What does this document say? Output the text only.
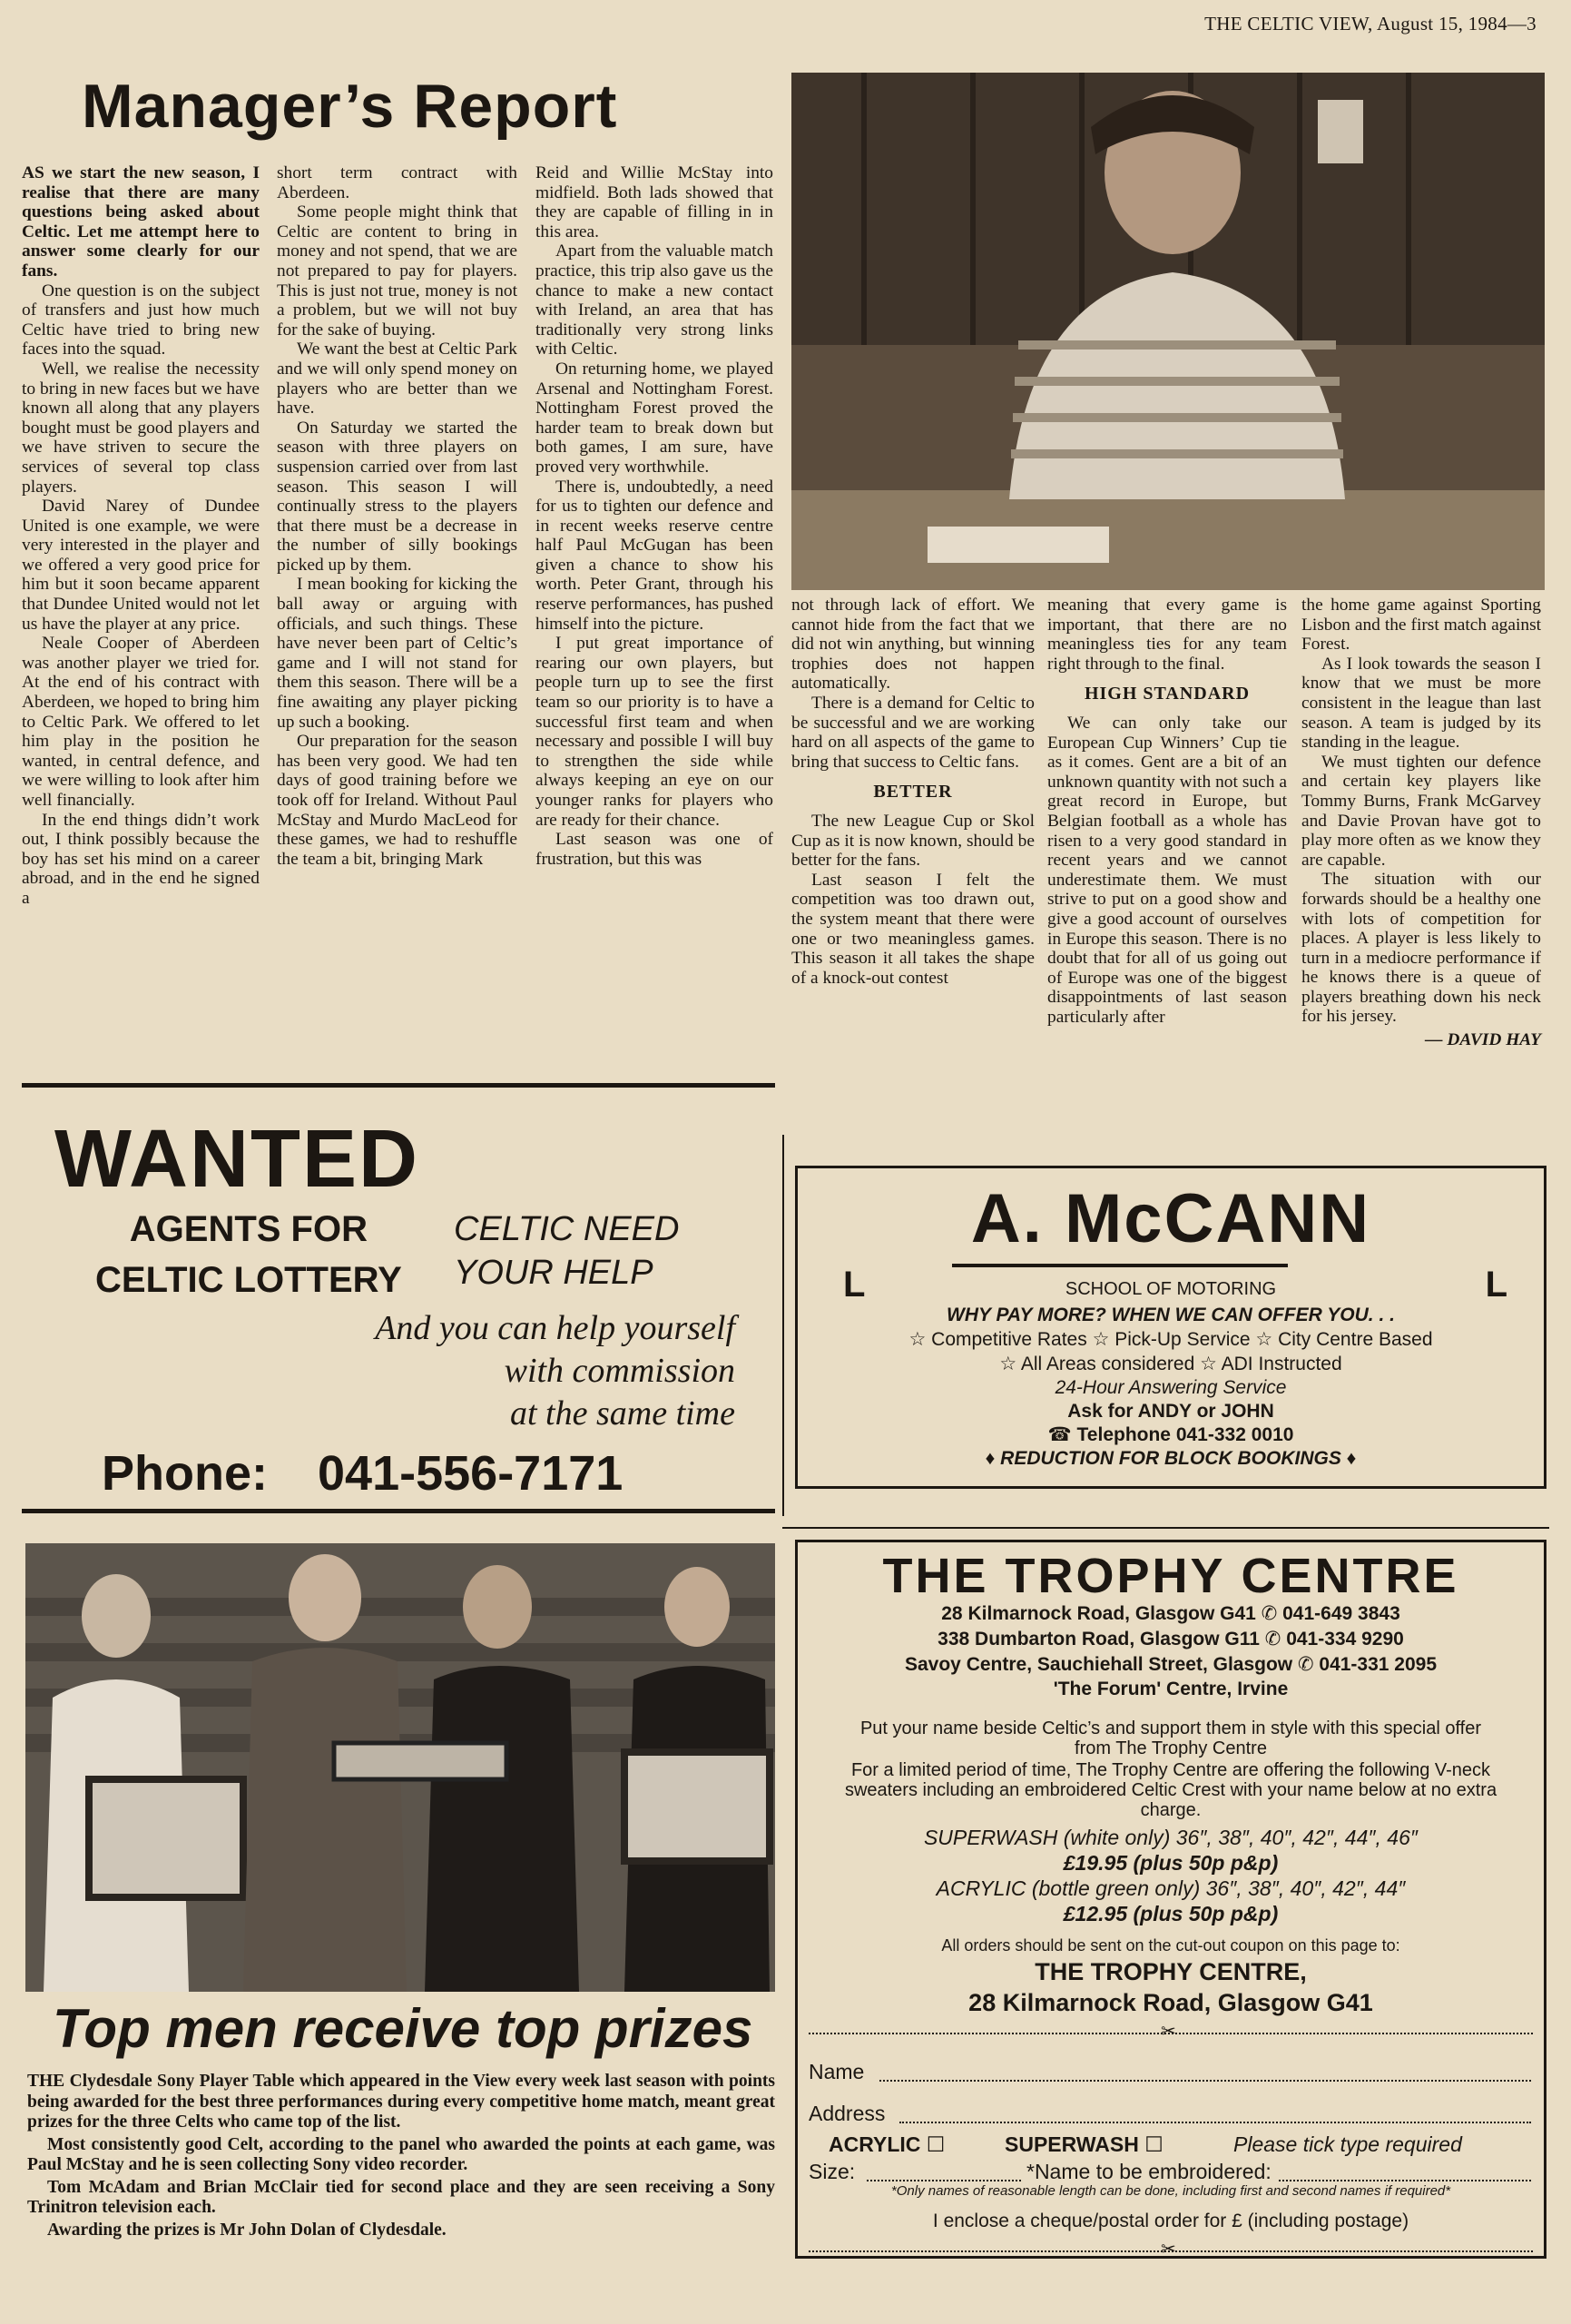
THE CELTIC VIEW, August 15, 1984—3
Manager’s Report

AS we start the new season, I realise that there are many questions being asked about Celtic. Let me attempt here to answer some clearly for our fans.

One question is on the subject of transfers and just how much Celtic have tried to bring new faces into the squad.

Well, we realise the necessity to bring in new faces but we have known all along that any players bought must be good players and we have striven to secure the services of several top class players.

David Narey of Dundee United is one example, we were very interested in the player and we offered a very good price for him but it soon became apparent that Dundee United would not let us have the player at any price.

Neale Cooper of Aberdeen was another player we tried for. At the end of his contract with Aberdeen, we hoped to bring him to Celtic Park. We offered to let him play in the position he wanted, in central defence, and we were willing to look after him well financially.

In the end things didn’t work out, I think possibly because the boy has set his mind on a career abroad, and in the end he signed a

short term contract with Aberdeen.

Some people might think that Celtic are content to bring in money and not spend, that we are not prepared to pay for players. This is just not true, money is not a problem, but we will not buy for the sake of buying.

We want the best at Celtic Park and we will only spend money on players who are better than we have.

On Saturday we started the season with three players on suspension carried over from last season. This season I will continually stress to the players that there must be a decrease in the number of silly bookings picked up by them.

I mean booking for kicking the ball away or arguing with officials, and such things. These have never been part of Celtic’s game and I will not stand for them this season. There will be a fine awaiting any player picking up such a booking.

Our preparation for the season has been very good. We had ten days of good training before we took off for Ireland. Without Paul McStay and Murdo MacLeod for these games, we had to reshuffle the team a bit, bringing Mark

Reid and Willie McStay into midfield. Both lads showed that they are capable of filling in in this area.

Apart from the valuable match practice, this trip also gave us the chance to make a new contact with Ireland, an area that has traditionally very strong links with Celtic.

On returning home, we played Arsenal and Nottingham Forest. Nottingham Forest proved the harder team to break down but both games, I am sure, have proved very worthwhile.

There is, undoubtedly, a need for us to tighten our defence and in recent weeks reserve centre half Paul McGugan has been given a chance to show his worth. Peter Grant, through his reserve performances, has pushed himself into the picture.

I put great importance of rearing our own players, but people turn up to see the first team so our priority is to have a successful first team and when necessary and possible I will buy to strengthen the side while always keeping an eye on our younger ranks for players who are ready for their chance.

Last season was one of frustration, but this was

not through lack of effort. We cannot hide from the fact that we did not win anything, but winning trophies does not happen automatically.

There is a demand for Celtic to be successful and we are working hard on all aspects of the game to bring that success to Celtic fans.

BETTER

The new League Cup or Skol Cup as it is now known, should be better for the fans.

Last season I felt the competition was too drawn out, the system meant that there were one or two meaningless games. This season it all takes the shape of a knock-out contest

meaning that every game is important, that there are no meaningless ties for any team right through to the final.

HIGH STANDARD

We can only take our European Cup Winners’ Cup tie as it comes. Gent are a bit of an unknown quantity with not such a great record in Europe, but Belgian football as a whole has risen to a very good standard in recent years and we cannot underestimate them. We must strive to put on a good show and give a good account of ourselves in Europe this season. There is no doubt that for all of us going out of Europe was one of the biggest disappointments of last season particularly after

the home game against Sporting Lisbon and the first match against Forest.

As I look towards the season I know that we must be more consistent in the league than last season. A team is judged by its standing in the league.

We must tighten our defence and certain key players like Tommy Burns, Frank McGarvey and Davie Provan have got to play more often as we know they are capable.

The situation with our forwards should be a healthy one with lots of competition for places. A player is less likely to turn in a mediocre performance if he knows there is a queue of players breathing down his neck for his jersey.

— DAVID HAY
WANTED
AGENTS FOR
CELTIC LOTTERY
CELTIC NEED
YOUR HELP
And you can help yourself
with commission
at the same time
Phone: 041-556-7171
A. McCANN
L	L
SCHOOL OF MOTORING
WHY PAY MORE? WHEN WE CAN OFFER YOU. . .
☆ Competitive Rates ☆ Pick-Up Service ☆ City Centre Based
☆ All Areas considered ☆ ADI Instructed
24-Hour Answering Service
Ask for ANDY or JOHN
☎ Telephone 041-332 0010
♦ REDUCTION FOR BLOCK BOOKINGS ♦
THE TROPHY CENTRE
28 Kilmarnock Road, Glasgow G41 ✆ 041-649 3843
338 Dumbarton Road, Glasgow G11 ✆ 041-334 9290
Savoy Centre, Sauchiehall Street, Glasgow ✆ 041-331 2095
'The Forum' Centre, Irvine
Put your name beside Celtic’s and support them in style with this special offer from The Trophy Centre
For a limited period of time, The Trophy Centre are offering the following V-neck sweaters including an embroidered Celtic Crest with your name below at no extra charge.
SUPERWASH (white only) 36″, 38″, 40″, 42″, 44″, 46″
£19.95 (plus 50p p&p)
ACRYLIC (bottle green only) 36″, 38″, 40″, 42″, 44″
£12.95 (plus 50p p&p)
All orders should be sent on the cut-out coupon on this page to:
THE TROPHY CENTRE,
28 Kilmarnock Road, Glasgow G41
✂
Name
Address
ACRYLIC ☐	SUPERWASH ☐	Please tick type required
Size:	*Name to be embroidered:
*Only names of reasonable length can be done, including first and second names if required*
I enclose a cheque/postal order for £ (including postage)
✂
Top men receive top prizes

THE Clydesdale Sony Player Table which appeared in the View every week last season with points being awarded for the best three performances during every competitive home match, meant great prizes for the three Celts who came top of the list.

Most consistently good Celt, according to the panel who awarded the points at each game, was Paul McStay and he is seen collecting Sony video recorder.

Tom McAdam and Brian McClair tied for second place and they are seen receiving a Sony Trinitron television each.

Awarding the prizes is Mr John Dolan of Clydesdale.
